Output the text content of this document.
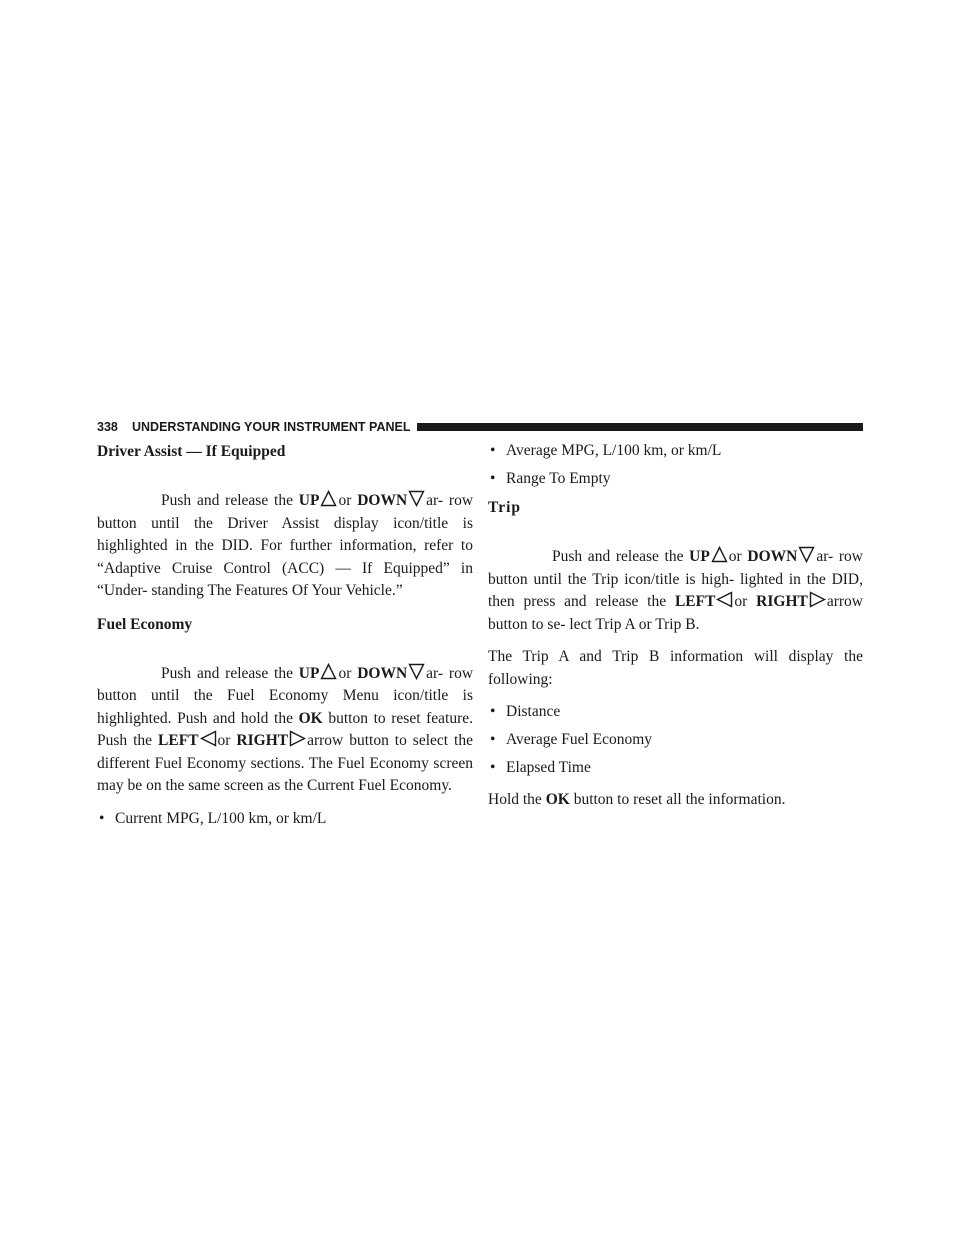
338 UNDERSTANDING YOUR INSTRUMENT PANEL
Driver Assist — If Equipped

Push and release the UP or DOWN ar- row button until the Driver Assist display icon/title is highlighted in the DID. For further information, refer to “Adaptive Cruise Control (ACC) — If Equipped” in “Under- standing The Features Of Your Vehicle.”

Fuel Economy

Push and release the UP or DOWN ar- row button until the Fuel Economy Menu icon/title is highlighted. Push and hold the OK button to reset feature. Push the LEFT or RIGHT arrow button to select the different Fuel Economy sections. The Fuel Economy screen may be on the same screen as the Current Fuel Economy.

• Current MPG, L/100 km, or km/L
• Average MPG, L/100 km, or km/L
• Range To Empty
Trip

Push and release the UP or DOWN ar- row button until the Trip icon/title is high- lighted in the DID, then press and release the LEFT or RIGHT arrow button to se- lect Trip A or Trip B.

The Trip A and Trip B information will display the following:

• Distance
• Average Fuel Economy
• Elapsed Time

Hold the OK button to reset all the information.
